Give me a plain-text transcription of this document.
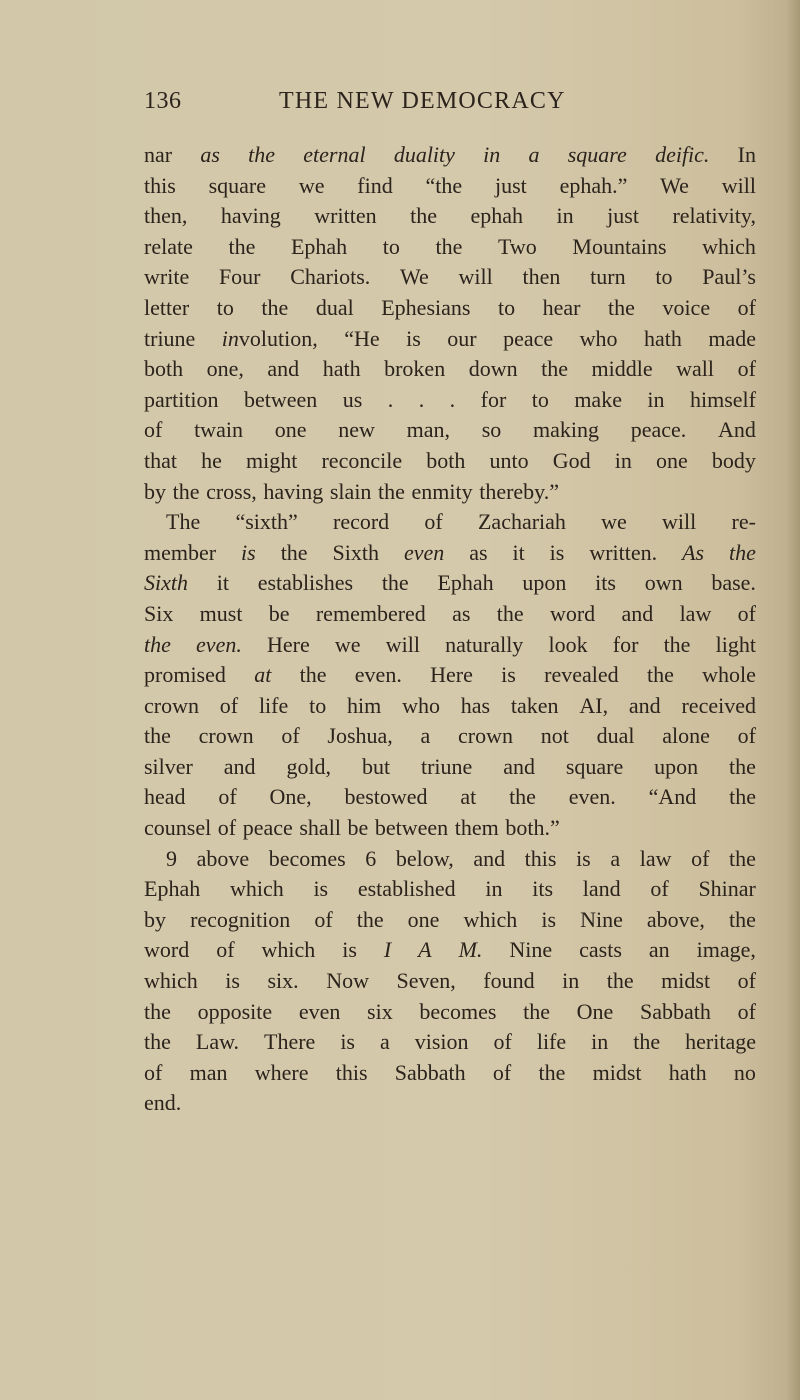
136	THE NEW DEMOCRACY
nar as the eternal duality in a square deific. In
this square we find “the just ephah.” We will
then, having written the ephah in just relativity,
relate the Ephah to the Two Mountains which
write Four Chariots. We will then turn to Paul’s
letter to the dual Ephesians to hear the voice of
triune involution, “He is our peace who hath made
both one, and hath broken down the middle wall of
partition between us . . . for to make in himself
of twain one new man, so making peace. And
that he might reconcile both unto God in one body
by the cross, having slain the enmity thereby.”
The “sixth” record of Zachariah we will re-
member is the Sixth even as it is written. As the
Sixth it establishes the Ephah upon its own base.
Six must be remembered as the word and law of
the even. Here we will naturally look for the light
promised at the even. Here is revealed the whole
crown of life to him who has taken AI, and received
the crown of Joshua, a crown not dual alone of
silver and gold, but triune and square upon the
head of One, bestowed at the even. “And the
counsel of peace shall be between them both.”
9 above becomes 6 below, and this is a law of the
Ephah which is established in its land of Shinar
by recognition of the one which is Nine above, the
word of which is I A M. Nine casts an image,
which is six. Now Seven, found in the midst of
the opposite even six becomes the One Sabbath of
the Law. There is a vision of life in the heritage
of man where this Sabbath of the midst hath no
end.
